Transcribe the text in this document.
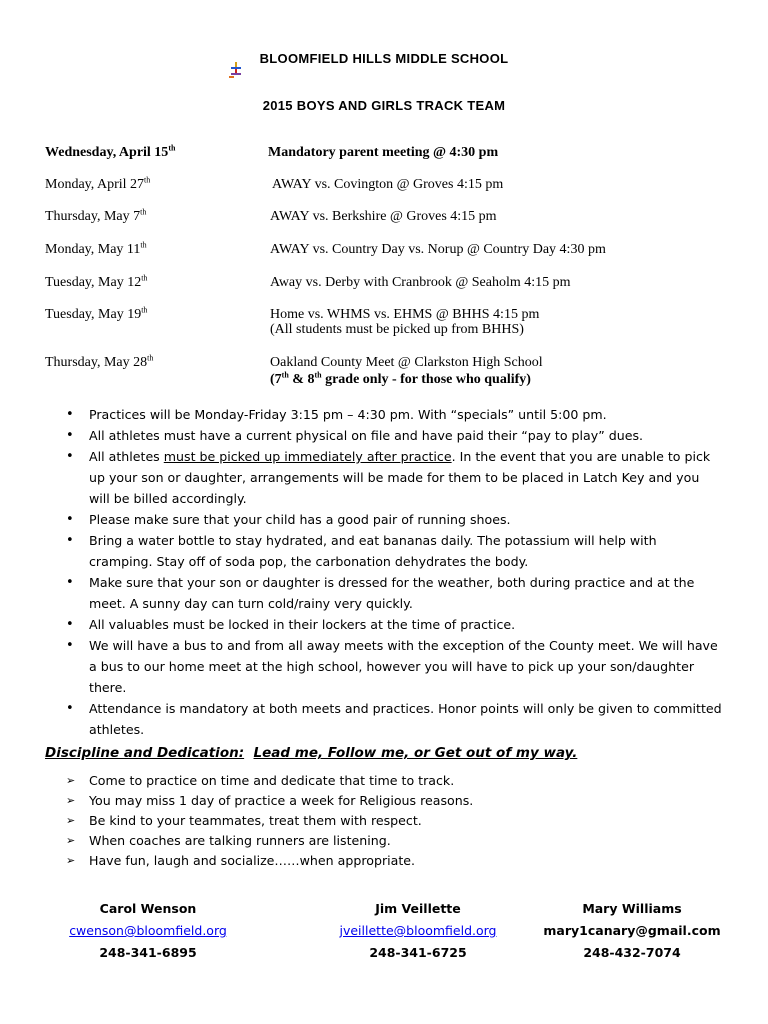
BLOOMFIELD HILLS MIDDLE SCHOOL
2015 BOYS AND GIRLS TRACK TEAM
Wednesday, April 15th	Mandatory parent meeting @ 4:30 pm
Monday, April 27th	AWAY vs. Covington @ Groves 4:15 pm
Thursday, May 7th	AWAY vs. Berkshire @ Groves 4:15 pm
Monday, May 11th	AWAY vs. Country Day vs. Norup @ Country Day 4:30 pm
Tuesday, May 12th	Away vs. Derby with Cranbrook @ Seaholm 4:15 pm
Tuesday, May 19th	Home vs. WHMS vs. EHMS @ BHHS 4:15 pm
(All students must be picked up from BHHS)
Thursday, May 28th	Oakland County Meet @ Clarkston High School
(7th & 8th grade only - for those who qualify)
• Practices will be Monday-Friday 3:15 pm – 4:30 pm. With “specials” until 5:00 pm.
• All athletes must have a current physical on file and have paid their “pay to play” dues.
• All athletes must be picked up immediately after practice. In the event that you are unable to pick up your son or daughter, arrangements will be made for them to be placed in Latch Key and you will be billed accordingly.
• Please make sure that your child has a good pair of running shoes.
• Bring a water bottle to stay hydrated, and eat bananas daily. The potassium will help with cramping. Stay off of soda pop, the carbonation dehydrates the body.
• Make sure that your son or daughter is dressed for the weather, both during practice and at the meet. A sunny day can turn cold/rainy very quickly.
• All valuables must be locked in their lockers at the time of practice.
• We will have a bus to and from all away meets with the exception of the County meet. We will have a bus to our home meet at the high school, however you will have to pick up your son/daughter there.
• Attendance is mandatory at both meets and practices. Honor points will only be given to committed athletes.
Discipline and Dedication: Lead me, Follow me, or Get out of my way.
➢ Come to practice on time and dedicate that time to track.
➢ You may miss 1 day of practice a week for Religious reasons.
➢ Be kind to your teammates, treat them with respect.
➢ When coaches are talking runners are listening.
➢ Have fun, laugh and socialize……when appropriate.
Carol Wenson
cwenson@bloomfield.org
248-341-6895
Jim Veillette
jveillette@bloomfield.org
248-341-6725
Mary Williams
mary1canary@gmail.com
248-432-7074
